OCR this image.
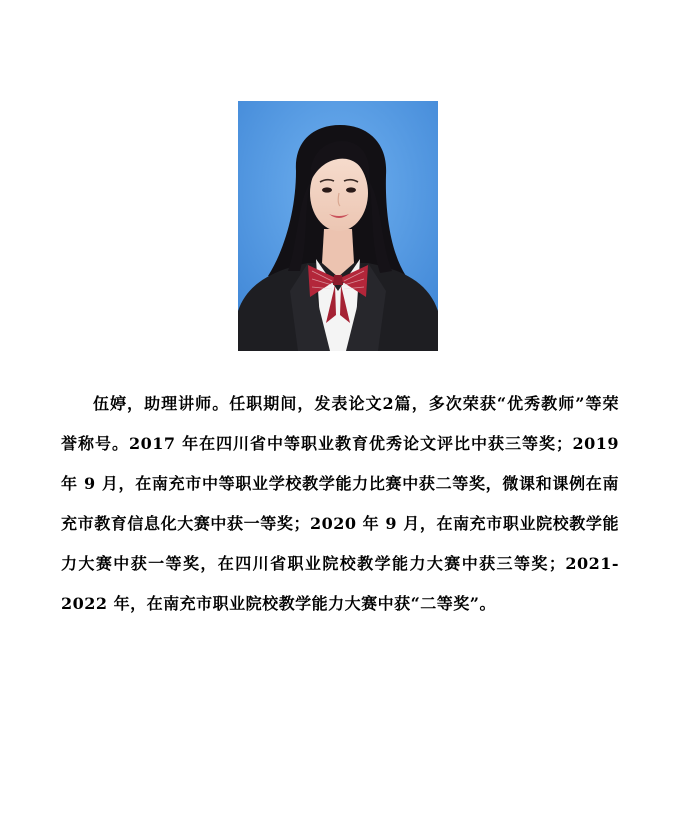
伍婷，助理讲师。任职期间，发表论文2篇，多次荣获“优秀教师”等荣誉称号。2017 年在四川省中等职业教育优秀论文评比中获三等奖；2019 年 9 月，在南充市中等职业学校教学能力比赛中获二等奖，微课和课例在南充市教育信息化大赛中获一等奖；2020 年 9 月，在南充市职业院校教学能力大赛中获一等奖，在四川省职业院校教学能力大赛中获三等奖；2021-2022 年，在南充市职业院校教学能力大赛中获“二等奖”。
